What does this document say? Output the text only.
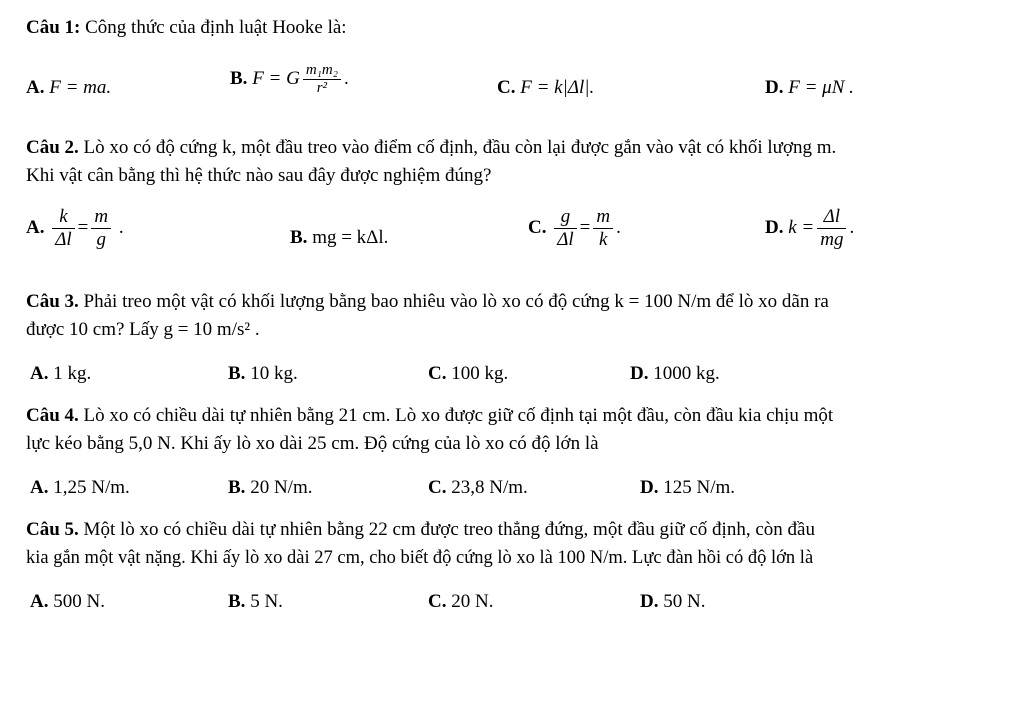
Câu 1: Công thức của định luật Hooke là:
A. F = ma.	B. F = G $\frac{\text{m₁m₂}}{\text{r²}}$ .	C. F = k|Δl|.	D. F = μN .
Câu 2. Lò xo có độ cứng k, một đầu treo vào điểm cố định, đầu còn lại được gắn vào vật có khối lượng m.
Khi vật cân bằng thì hệ thức nào sau đây được nghiệm đúng?
A. $\frac{k}{\Delta l} = \frac{m}{g}$ .	B. mg = kΔl.	C. $\frac{g}{\Delta l} = \frac{m}{k}$ .	D. $k = \frac{\Delta l}{mg}$ .
Câu 3. Phải treo một vật có khối lượng bằng bao nhiêu vào lò xo có độ cứng k = 100 N/m để lò xo dãn ra
được 10 cm? Lấy g = 10 m/s² .
A. 1 kg.	B. 10 kg.	C. 100 kg.	D. 1000 kg.
Câu 4. Lò xo có chiều dài tự nhiên bằng 21 cm. Lò xo được giữ cố định tại một đầu, còn đầu kia chịu một
lực kéo bằng 5,0 N. Khi ấy lò xo dài 25 cm. Độ cứng của lò xo có độ lớn là
A. 1,25 N/m.	B. 20 N/m.	C. 23,8 N/m.	D. 125 N/m.
Câu 5. Một lò xo có chiều dài tự nhiên bằng 22 cm được treo thẳng đứng, một đầu giữ cố định, còn đầu
kia gắn một vật nặng. Khi ấy lò xo dài 27 cm, cho biết độ cứng lò xo là 100 N/m. Lực đàn hồi có độ lớn là
A. 500 N.	B. 5 N.	C. 20 N.	D. 50 N.
